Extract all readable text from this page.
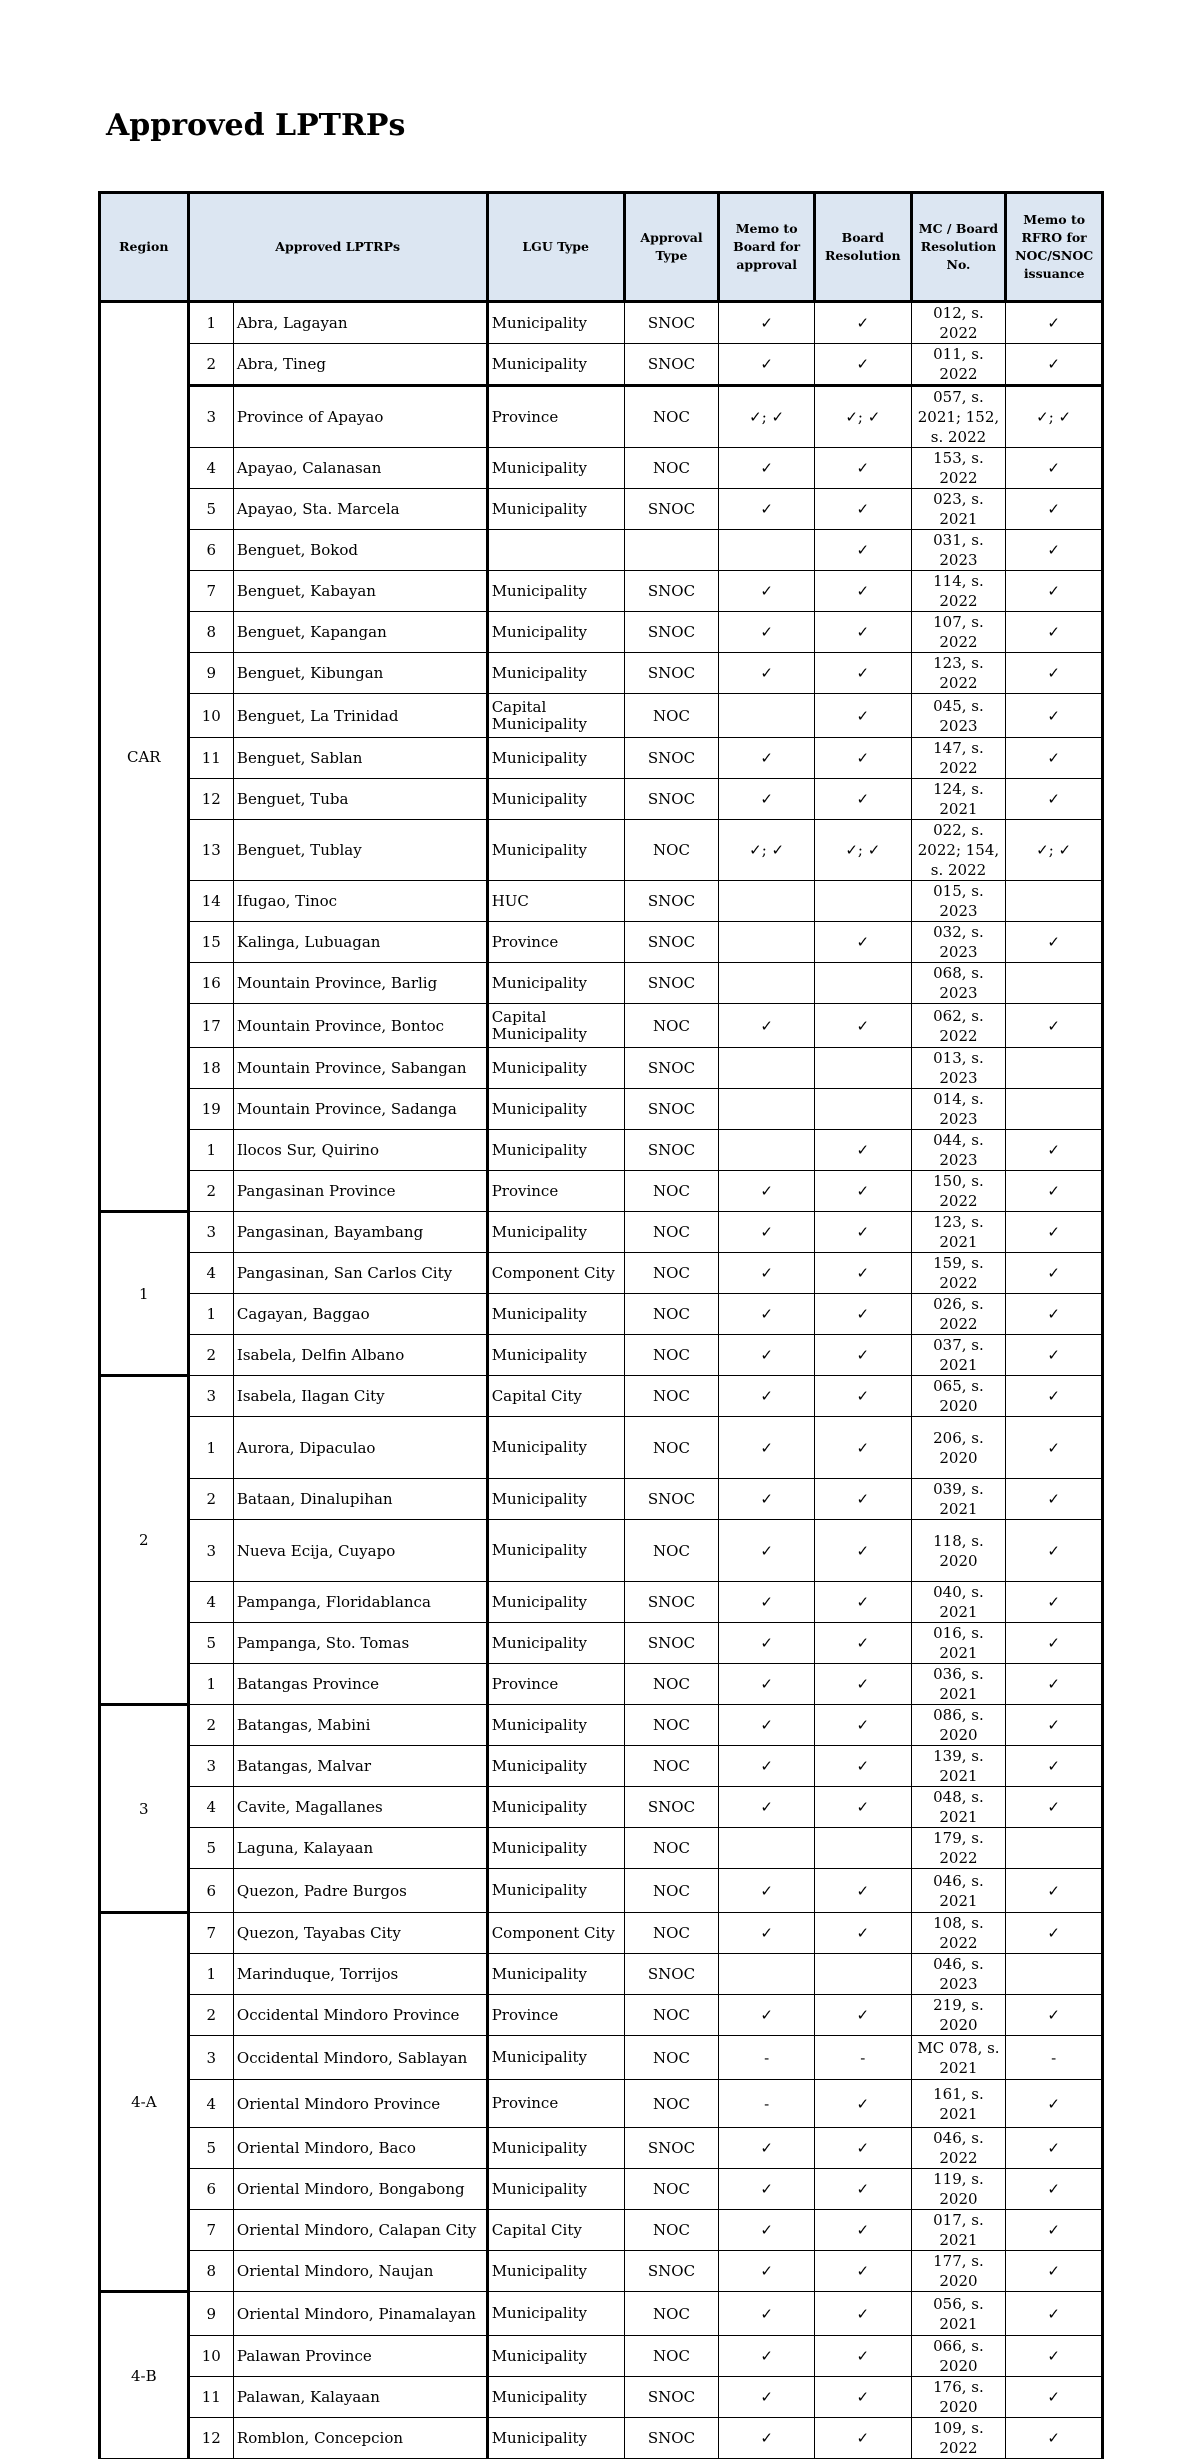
Approved LPTRPs
Region	Approved LPTRPs		LGU Type	Approval Type	Memo to Board for approval	Board Resolution	MC / Board Resolution No.	Memo to RFRO for NOC/SNOC issuance
CAR	1	Abra, Lagayan	Municipality	SNOC	✓	✓	012, s. 2022	✓
	2	Abra, Tineg	Municipality	SNOC	✓	✓	011, s. 2022	✓
	3	Province of Apayao	Province	NOC	✓; ✓	✓; ✓	057, s. 2021; 152, s. 2022	✓; ✓
	4	Apayao, Calanasan	Municipality	NOC	✓	✓	153, s. 2022	✓
	5	Apayao, Sta. Marcela	Municipality	SNOC	✓	✓	023, s. 2021	✓
	6	Benguet, Bokod				✓	031, s. 2023	✓
	7	Benguet, Kabayan	Municipality	SNOC	✓	✓	114, s. 2022	✓
	8	Benguet, Kapangan	Municipality	SNOC	✓	✓	107, s. 2022	✓
	9	Benguet, Kibungan	Municipality	SNOC	✓	✓	123, s. 2022	✓
	10	Benguet, La Trinidad	Capital Municipality	NOC		✓	045, s. 2023	✓
	11	Benguet, Sablan	Municipality	SNOC	✓	✓	147, s. 2022	✓
	12	Benguet, Tuba	Municipality	SNOC	✓	✓	124, s. 2021	✓
	13	Benguet, Tublay	Municipality	NOC	✓; ✓	✓; ✓	022, s. 2022; 154, s. 2022	✓; ✓
	14	Ifugao, Tinoc	HUC	SNOC			015, s. 2023	
	15	Kalinga, Lubuagan	Province	SNOC		✓	032, s. 2023	✓
	16	Mountain Province, Barlig	Municipality	SNOC			068, s. 2023	
	17	Mountain Province, Bontoc	Capital Municipality	NOC	✓	✓	062, s. 2022	✓
	18	Mountain Province, Sabangan	Municipality	SNOC			013, s. 2023	
	19	Mountain Province, Sadanga	Municipality	SNOC			014, s. 2023	
	1	Ilocos Sur, Quirino	Municipality	SNOC		✓	044, s. 2023	✓
	2	Pangasinan Province	Province	NOC	✓	✓	150, s. 2022	✓
1	3	Pangasinan, Bayambang	Municipality	NOC	✓	✓	123, s. 2021	✓
	4	Pangasinan, San Carlos City	Component City	NOC	✓	✓	159, s. 2022	✓
	1	Cagayan, Baggao	Municipality	NOC	✓	✓	026, s. 2022	✓
	2	Isabela, Delfin Albano	Municipality	NOC	✓	✓	037, s. 2021	✓
2	3	Isabela, Ilagan City	Capital City	NOC	✓	✓	065, s. 2020	✓
	1	Aurora, Dipaculao	Municipality	NOC	✓	✓	206, s. 2020	✓
	2	Bataan, Dinalupihan	Municipality	SNOC	✓	✓	039, s. 2021	✓
	3	Nueva Ecija, Cuyapo	Municipality	NOC	✓	✓	118, s. 2020	✓
	4	Pampanga, Floridablanca	Municipality	SNOC	✓	✓	040, s. 2021	✓
	5	Pampanga, Sto. Tomas	Municipality	SNOC	✓	✓	016, s. 2021	✓
	1	Batangas Province	Province	NOC	✓	✓	036, s. 2021	✓
3	2	Batangas, Mabini	Municipality	NOC	✓	✓	086, s. 2020	✓
	3	Batangas, Malvar	Municipality	NOC	✓	✓	139, s. 2021	✓
	4	Cavite, Magallanes	Municipality	SNOC	✓	✓	048, s. 2021	✓
	5	Laguna, Kalayaan	Municipality	NOC			179, s. 2022	
	6	Quezon, Padre Burgos	Municipality	NOC	✓	✓	046, s. 2021	✓
4-A	7	Quezon, Tayabas City	Component City	NOC	✓	✓	108, s. 2022	✓
	1	Marinduque, Torrijos	Municipality	SNOC			046, s. 2023	
	2	Occidental Mindoro Province	Province	NOC	✓	✓	219, s. 2020	✓
	3	Occidental Mindoro, Sablayan	Municipality	NOC	-	-	MC 078, s. 2021	-
	4	Oriental Mindoro Province	Province	NOC	-	✓	161, s. 2021	✓
	5	Oriental Mindoro, Baco	Municipality	SNOC	✓	✓	046, s. 2022	✓
	6	Oriental Mindoro, Bongabong	Municipality	NOC	✓	✓	119, s. 2020	✓
	7	Oriental Mindoro, Calapan City	Capital City	NOC	✓	✓	017, s. 2021	✓
	8	Oriental Mindoro, Naujan	Municipality	SNOC	✓	✓	177, s. 2020	✓
4-B	9	Oriental Mindoro, Pinamalayan	Municipality	NOC	✓	✓	056, s. 2021	✓
	10	Palawan Province	Municipality	NOC	✓	✓	066, s. 2020	✓
	11	Palawan, Kalayaan	Municipality	SNOC	✓	✓	176, s. 2020	✓
	12	Romblon, Concepcion	Municipality	SNOC	✓	✓	109, s. 2022	✓
